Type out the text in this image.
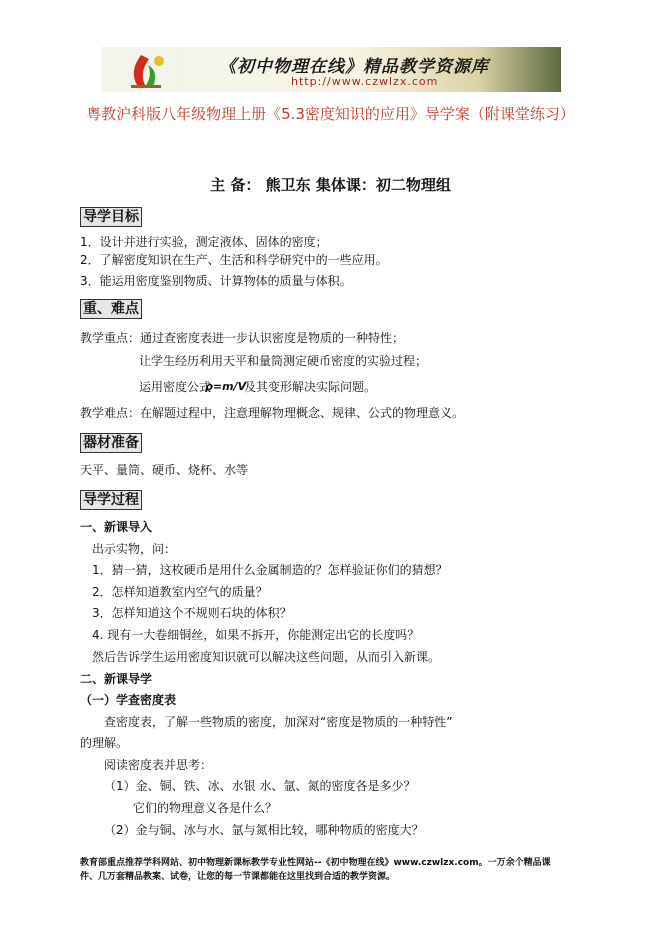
《初中物理在线》精品教学资源库
http://www.czwlzx.com
粤教沪科版八年级物理上册《5.3密度知识的应用》导学案（附课堂练习）
主 备： 熊卫东 集体课：初二物理组
导学目标
1．设计并进行实验，测定液体、固体的密度；
2．了解密度知识在生产、生活和科学研究中的一些应用。
3．能运用密度鉴别物质、计算物体的质量与体积。
重、难点
教学重点：通过查密度表进一步认识密度是物质的一种特性；
让学生经历利用天平和量筒测定硬币密度的实验过程；
运用密度公式
ρ=m/V
及其变形解决实际问题。
教学难点：在解题过程中，注意理解物理概念、规律、公式的物理意义。
器材准备
天平、量筒、硬币、烧杯、水等
导学过程
一、新课导入
出示实物，问：
1．猜一猜，这枚硬币是用什么金属制造的？怎样验证你们的猜想？
2．怎样知道教室内空气的质量？
3．怎样知道这个不规则石块的体积？
4. 现有一大卷细铜丝，如果不拆开，你能测定出它的长度吗？
然后告诉学生运用密度知识就可以解决这些问题，从而引入新课。
二、新课导学
（一）学查密度表
查密度表，了解一些物质的密度，加深对“密度是物质的一种特性”
的理解。
阅读密度表并思考：
（1）金、铜、铁、冰、水银 水、氩、氮的密度各是多少？
它们的物理意义各是什么？
（2）金与铜、冰与水、氩与氮相比较，哪种物质的密度大？
教育部重点推荐学科网站、初中物理新课标教学专业性网站--《初中物理在线》www.czwlzx.com。一万余个精品课
件、几万套精品教案、试卷，让您的每一节课都能在这里找到合适的教学资源。
